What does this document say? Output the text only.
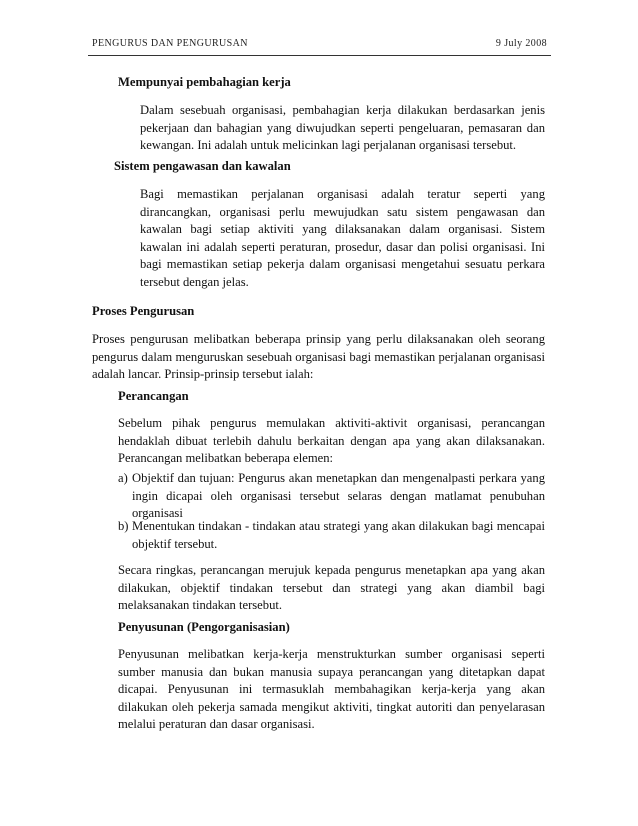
PENGURUS DAN PENGURUSAN	9 July 2008
Mempunyai pembahagian kerja
Dalam sesebuah organisasi, pembahagian kerja dilakukan berdasarkan jenis pekerjaan dan bahagian yang diwujudkan seperti pengeluaran, pemasaran dan kewangan. Ini adalah untuk melicinkan lagi perjalanan organisasi tersebut.
Sistem pengawasan dan kawalan
Bagi memastikan perjalanan organisasi adalah teratur seperti yang dirancangkan, organisasi perlu mewujudkan satu sistem pengawasan dan kawalan bagi setiap aktiviti yang dilaksanakan dalam organisasi. Sistem kawalan ini adalah seperti peraturan, prosedur, dasar dan polisi organisasi. Ini bagi memastikan setiap pekerja dalam organisasi mengetahui sesuatu perkara tersebut dengan jelas.
Proses Pengurusan
Proses pengurusan melibatkan beberapa prinsip yang perlu dilaksanakan oleh seorang pengurus dalam menguruskan sesebuah organisasi bagi memastikan perjalanan organisasi adalah lancar. Prinsip-prinsip tersebut ialah:
Perancangan
Sebelum pihak pengurus memulakan aktiviti-aktivit organisasi, perancangan hendaklah dibuat terlebih dahulu berkaitan dengan apa yang akan dilaksanakan. Perancangan melibatkan beberapa elemen:
a) Objektif dan tujuan: Pengurus akan menetapkan dan mengenalpasti perkara yang ingin dicapai oleh organisasi tersebut selaras dengan matlamat penubuhan organisasi
b) Menentukan tindakan - tindakan atau strategi yang akan dilakukan bagi mencapai objektif tersebut.
Secara ringkas, perancangan merujuk kepada pengurus menetapkan apa yang akan dilakukan, objektif tindakan tersebut dan strategi yang akan diambil bagi melaksanakan tindakan tersebut.
Penyusunan (Pengorganisasian)
Penyusunan melibatkan kerja-kerja menstrukturkan sumber organisasi seperti sumber manusia dan bukan manusia supaya perancangan yang ditetapkan dapat dicapai. Penyusunan ini termasuklah membahagikan kerja-kerja yang akan dilakukan oleh pekerja samada mengikut aktiviti, tingkat autoriti dan penyelarasan melalui peraturan dan dasar organisasi.
